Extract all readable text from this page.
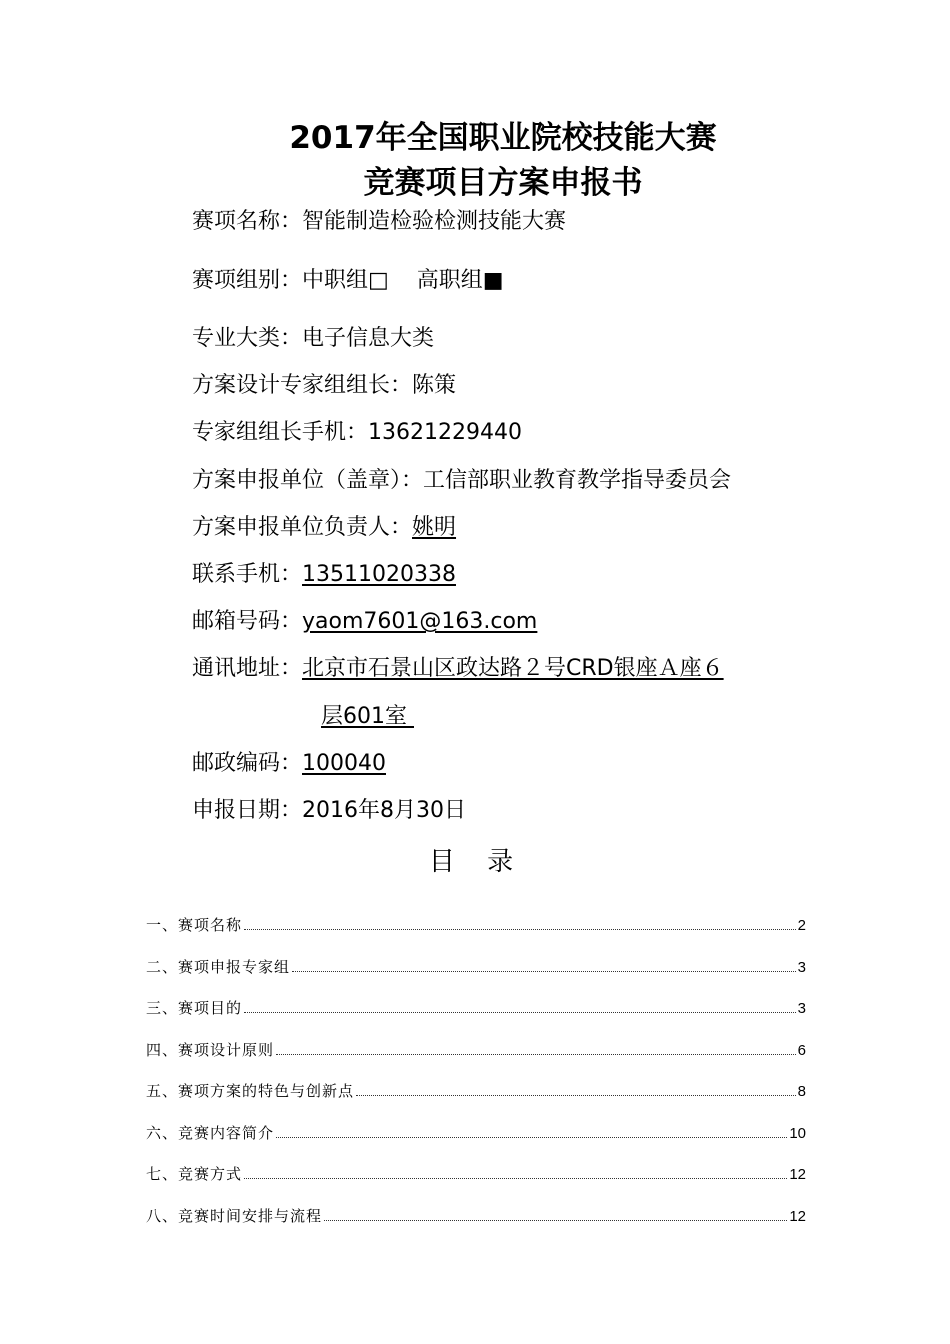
2017年全国职业院校技能大赛
竞赛项目方案申报书
赛项名称：智能制造检验检测技能大赛
赛项组别：中职组□    高职组■
专业大类：电子信息大类
方案设计专家组组长：陈策
专家组组长手机：13621229440
方案申报单位（盖章）：工信部职业教育教学指导委员会
方案申报单位负责人：姚明
联系手机：13511020338
邮箱号码：yaom7601@163.com
通讯地址：北京市石景山区政达路２号CRD银座Ａ座６
层601室
邮政编码：100040
申报日期：2016年8月30日
目 录
一、赛项名称	2
二、赛项申报专家组	3
三、赛项目的	3
四、赛项设计原则	6
五、赛项方案的特色与创新点	8
六、竞赛内容简介	10
七、竞赛方式	12
八、竞赛时间安排与流程	12
